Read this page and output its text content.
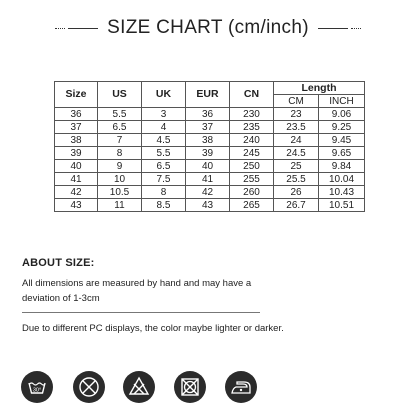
SIZE CHART (cm/inch)
Size	US	UK	EUR	CN	Length	
					CM	INCH
36	5.5	3	36	230	23	9.06
37	6.5	4	37	235	23.5	9.25
38	7	4.5	38	240	24	9.45
39	8	5.5	39	245	24.5	9.65
40	9	6.5	40	250	25	9.84
41	10	7.5	41	255	25.5	10.04
42	10.5	8	42	260	26	10.43
43	11	8.5	43	265	26.7	10.51
ABOUT SIZE:
All dimensions are measured by hand and may have a deviation of 1-3cm
Due to different PC displays, the color maybe lighter or darker.
30°
